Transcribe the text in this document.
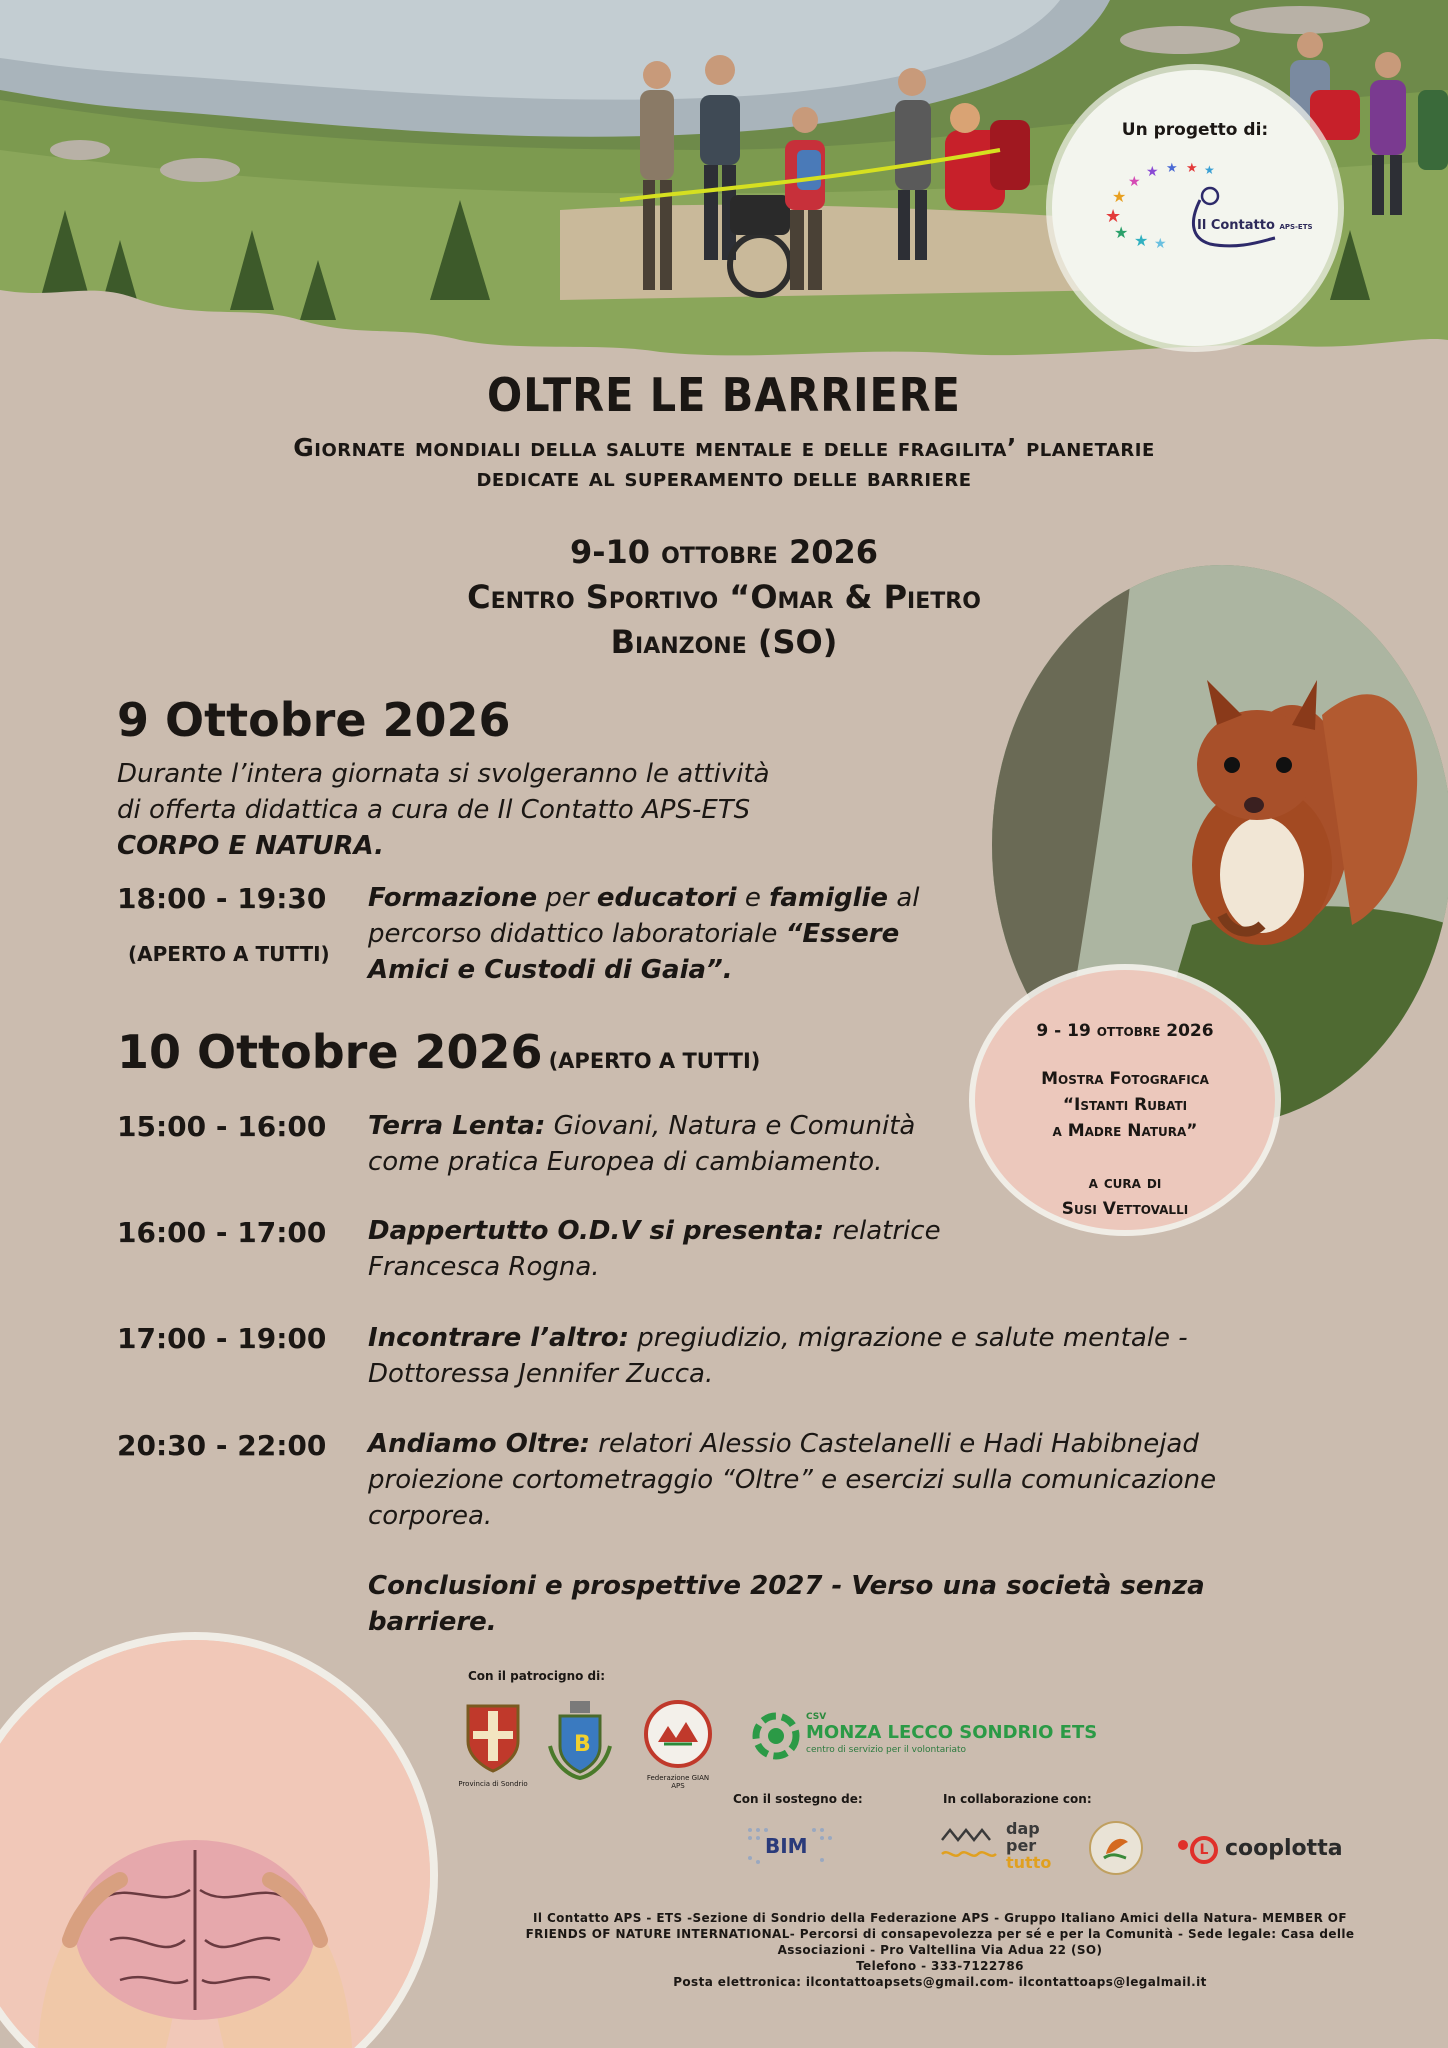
Un progetto di:
★
★
★
★ ★ ★ ★
★ ★ ★
Il Contatto APS-ETS
OLTRE LE BARRIERE
Giornate mondiali della salute mentale e delle fragilita’ planetarie
dedicate al superamento delle barriere
9-10 ottobre 2026
Centro Sportivo “Omar & Pietro
Bianzone (SO)
9 - 19 ottobre 2026
Mostra Fotografica
“Istanti Rubati
a Madre Natura”
a cura di
Susi Vettovalli
9 Ottobre 2026
Durante l’intera giornata si svolgeranno le attività
di offerta didattica a cura de Il Contatto APS-ETS
CORPO E NATURA.
18:00 - 19:30
(APERTO A TUTTI)
Formazione per educatori e famiglie al
percorso didattico laboratoriale “Essere
Amici e Custodi di Gaia”.
10 Ottobre 2026 (APERTO A TUTTI)
15:00 - 16:00 Terra Lenta: Giovani, Natura e Comunità
come pratica Europea di cambiamento.
16:00 - 17:00 Dappertutto O.D.V si presenta: relatrice
Francesca Rogna.
17:00 - 19:00 Incontrare l’altro: pregiudizio, migrazione e salute mentale -
Dottoressa Jennifer Zucca.
20:30 - 22:00 Andiamo Oltre: relatori Alessio Castelanelli e Hadi Habibnejad
proiezione cortometraggio “Oltre” e esercizi sulla comunicazione
corporea.
Conclusioni e prospettive 2027 - Verso una società senza
barriere.
Con il patrocigno di:
Provincia di Sondrio
B
Federazione GIAN APS
CSV
MONZA LECCO SONDRIO ETS
centro di servizio per il volontariato
Con il sostegno de:
BIM
In collaborazione con:
dap
per
tutto
L cooplotta
Il Contatto APS - ETS -Sezione di Sondrio della Federazione APS - Gruppo Italiano Amici della Natura- MEMBER OF
FRIENDS OF NATURE INTERNATIONAL- Percorsi di consapevolezza per sé e per la Comunità - Sede legale: Casa delle
Associazioni - Pro Valtellina Via Adua 22 (SO)
Telefono - 333-7122786
Posta elettronica: ilcontattoapsets@gmail.com- ilcontattoaps@legalmail.it
